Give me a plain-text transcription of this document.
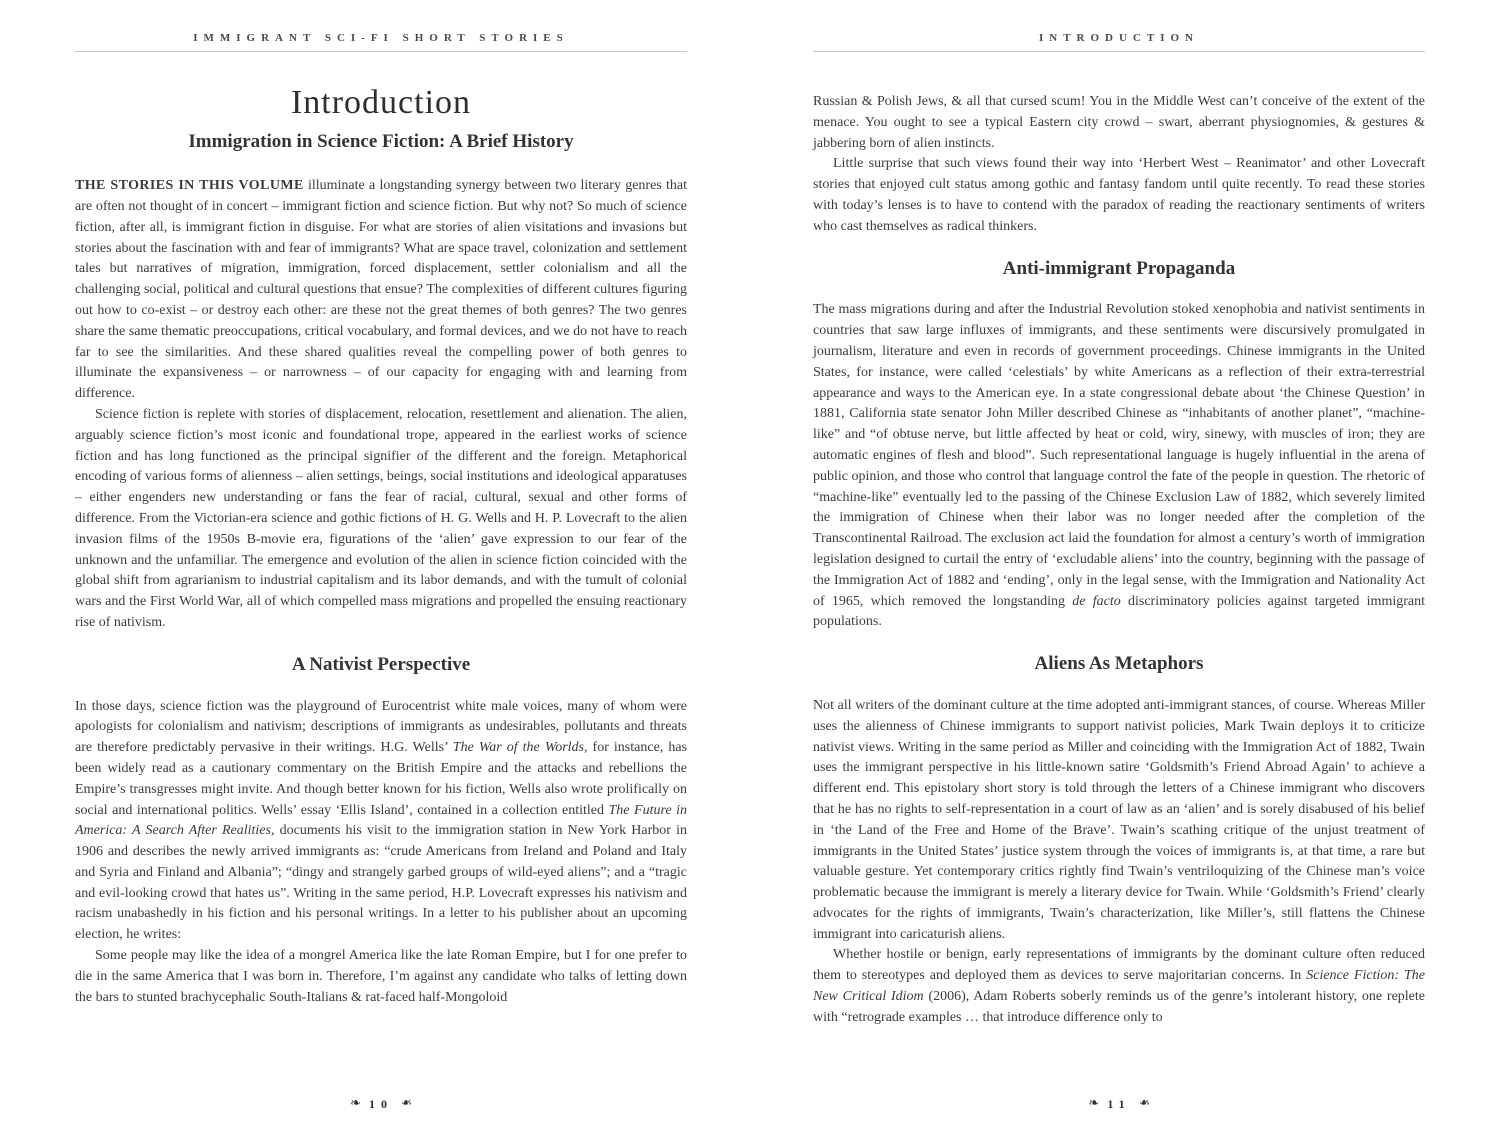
IMMIGRANT SCI-FI SHORT STORIES
Introduction
Immigration in Science Fiction: A Brief History

THE STORIES IN THIS VOLUME illuminate a longstanding synergy between two literary genres that are often not thought of in concert – immigrant fiction and science fiction. But why not? So much of science fiction, after all, is immigrant fiction in disguise. For what are stories of alien visitations and invasions but stories about the fascination with and fear of immigrants? What are space travel, colonization and settlement tales but narratives of migration, immigration, forced displacement, settler colonialism and all the challenging social, political and cultural questions that ensue? The complexities of different cultures figuring out how to co-exist – or destroy each other: are these not the great themes of both genres? The two genres share the same thematic preoccupations, critical vocabulary, and formal devices, and we do not have to reach far to see the similarities. And these shared qualities reveal the compelling power of both genres to illuminate the expansiveness – or narrowness – of our capacity for engaging with and learning from difference.

Science fiction is replete with stories of displacement, relocation, resettlement and alienation. The alien, arguably science fiction’s most iconic and foundational trope, appeared in the earliest works of science fiction and has long functioned as the principal signifier of the different and the foreign. Metaphorical encoding of various forms of alienness – alien settings, beings, social institutions and ideological apparatuses – either engenders new understanding or fans the fear of racial, cultural, sexual and other forms of difference. From the Victorian-era science and gothic fictions of H. G. Wells and H. P. Lovecraft to the alien invasion films of the 1950s B-movie era, figurations of the ‘alien’ gave expression to our fear of the unknown and the unfamiliar. The emergence and evolution of the alien in science fiction coincided with the global shift from agrarianism to industrial capitalism and its labor demands, and with the tumult of colonial wars and the First World War, all of which compelled mass migrations and propelled the ensuing reactionary rise of nativism.

A Nativist Perspective

In those days, science fiction was the playground of Eurocentrist white male voices, many of whom were apologists for colonialism and nativism; descriptions of immigrants as undesirables, pollutants and threats are therefore predictably pervasive in their writings. H.G. Wells’ The War of the Worlds, for instance, has been widely read as a cautionary commentary on the British Empire and the attacks and rebellions the Empire’s transgresses might invite. And though better known for his fiction, Wells also wrote prolifically on social and international politics. Wells’ essay ‘Ellis Island’, contained in a collection entitled The Future in America: A Search After Realities, documents his visit to the immigration station in New York Harbor in 1906 and describes the newly arrived immigrants as: “crude Americans from Ireland and Poland and Italy and Syria and Finland and Albania”; “dingy and strangely garbed groups of wild-eyed aliens”; and a “tragic and evil-looking crowd that hates us”. Writing in the same period, H.P. Lovecraft expresses his nativism and racism unabashedly in his fiction and his personal writings. In a letter to his publisher about an upcoming election, he writes:

Some people may like the idea of a mongrel America like the late Roman Empire, but I for one prefer to die in the same America that I was born in. Therefore, I’m against any candidate who talks of letting down the bars to stunted brachycephalic South-Italians & rat-faced half-Mongoloid

❧ 10 ❧
INTRODUCTION

Russian & Polish Jews, & all that cursed scum! You in the Middle West can’t conceive of the extent of the menace. You ought to see a typical Eastern city crowd – swart, aberrant physiognomies, & gestures & jabbering born of alien instincts.

Little surprise that such views found their way into ‘Herbert West – Reanimator’ and other Lovecraft stories that enjoyed cult status among gothic and fantasy fandom until quite recently. To read these stories with today’s lenses is to have to contend with the paradox of reading the reactionary sentiments of writers who cast themselves as radical thinkers.

Anti-immigrant Propaganda

The mass migrations during and after the Industrial Revolution stoked xenophobia and nativist sentiments in countries that saw large influxes of immigrants, and these sentiments were discursively promulgated in journalism, literature and even in records of government proceedings. Chinese immigrants in the United States, for instance, were called ‘celestials’ by white Americans as a reflection of their extra-terrestrial appearance and ways to the American eye. In a state congressional debate about ‘the Chinese Question’ in 1881, California state senator John Miller described Chinese as “inhabitants of another planet”, “machine-like” and “of obtuse nerve, but little affected by heat or cold, wiry, sinewy, with muscles of iron; they are automatic engines of flesh and blood”. Such representational language is hugely influential in the arena of public opinion, and those who control that language control the fate of the people in question. The rhetoric of “machine-like” eventually led to the passing of the Chinese Exclusion Law of 1882, which severely limited the immigration of Chinese when their labor was no longer needed after the completion of the Transcontinental Railroad. The exclusion act laid the foundation for almost a century’s worth of immigration legislation designed to curtail the entry of ‘excludable aliens’ into the country, beginning with the passage of the Immigration Act of 1882 and ‘ending’, only in the legal sense, with the Immigration and Nationality Act of 1965, which removed the longstanding de facto discriminatory policies against targeted immigrant populations.

Aliens As Metaphors

Not all writers of the dominant culture at the time adopted anti-immigrant stances, of course. Whereas Miller uses the alienness of Chinese immigrants to support nativist policies, Mark Twain deploys it to criticize nativist views. Writing in the same period as Miller and coinciding with the Immigration Act of 1882, Twain uses the immigrant perspective in his little-known satire ‘Goldsmith’s Friend Abroad Again’ to achieve a different end. This epistolary short story is told through the letters of a Chinese immigrant who discovers that he has no rights to self-representation in a court of law as an ‘alien’ and is sorely disabused of his belief in ‘the Land of the Free and Home of the Brave’. Twain’s scathing critique of the unjust treatment of immigrants in the United States’ justice system through the voices of immigrants is, at that time, a rare but valuable gesture. Yet contemporary critics rightly find Twain’s ventriloquizing of the Chinese man’s voice problematic because the immigrant is merely a literary device for Twain. While ‘Goldsmith’s Friend’ clearly advocates for the rights of immigrants, Twain’s characterization, like Miller’s, still flattens the Chinese immigrant into caricaturish aliens.

Whether hostile or benign, early representations of immigrants by the dominant culture often reduced them to stereotypes and deployed them as devices to serve majoritarian concerns. In Science Fiction: The New Critical Idiom (2006), Adam Roberts soberly reminds us of the genre’s intolerant history, one replete with “retrograde examples … that introduce difference only to

❧ 11 ❧
